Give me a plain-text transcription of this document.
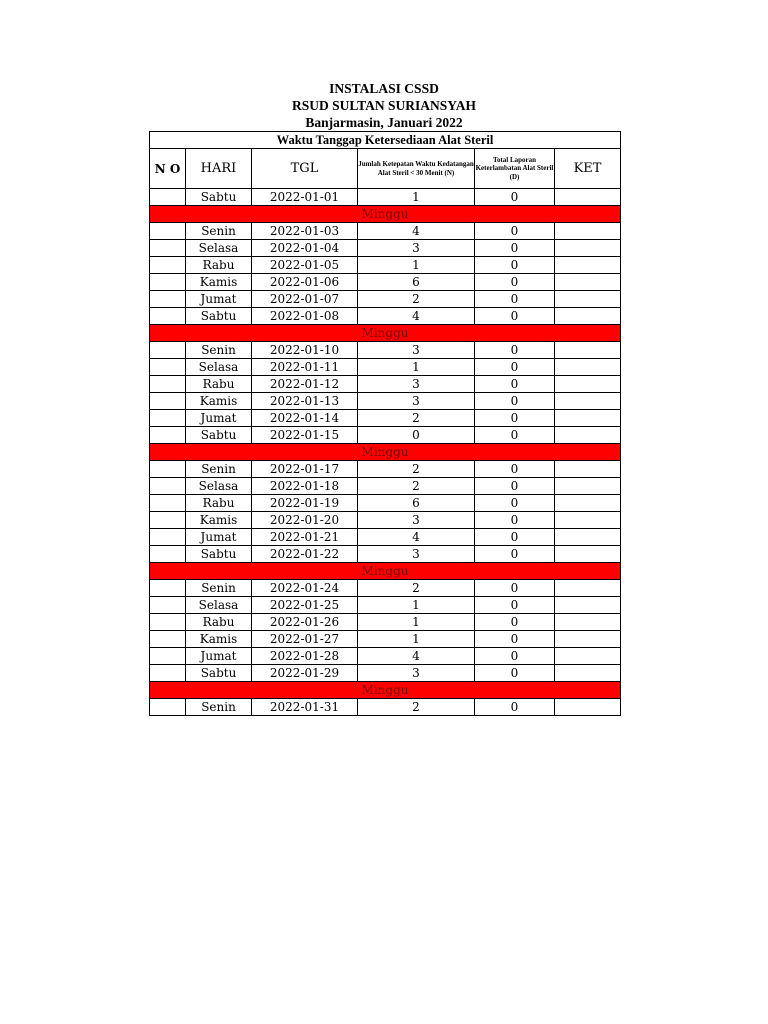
INSTALASI CSSD
RSUD SULTAN SURIANSYAH
Banjarmasin, Januari 2022
Waktu Tanggap Ketersediaan Alat Steril					
N O	HARI	TGL	Jumlah Ketepatan Waktu Kedatangan Alat Steril < 30 Menit (N)	Total Laporan Keterlambatan Alat Steril (D)	KET
	Sabtu	2022-01-01	1	0	
Minggu					
	Senin	2022-01-03	4	0	
	Selasa	2022-01-04	3	0	
	Rabu	2022-01-05	1	0	
	Kamis	2022-01-06	6	0	
	Jumat	2022-01-07	2	0	
	Sabtu	2022-01-08	4	0	
Minggu					
	Senin	2022-01-10	3	0	
	Selasa	2022-01-11	1	0	
	Rabu	2022-01-12	3	0	
	Kamis	2022-01-13	3	0	
	Jumat	2022-01-14	2	0	
	Sabtu	2022-01-15	0	0	
Minggu					
	Senin	2022-01-17	2	0	
	Selasa	2022-01-18	2	0	
	Rabu	2022-01-19	6	0	
	Kamis	2022-01-20	3	0	
	Jumat	2022-01-21	4	0	
	Sabtu	2022-01-22	3	0	
Minggu					
	Senin	2022-01-24	2	0	
	Selasa	2022-01-25	1	0	
	Rabu	2022-01-26	1	0	
	Kamis	2022-01-27	1	0	
	Jumat	2022-01-28	4	0	
	Sabtu	2022-01-29	3	0	
Minggu					
	Senin	2022-01-31	2	0	
